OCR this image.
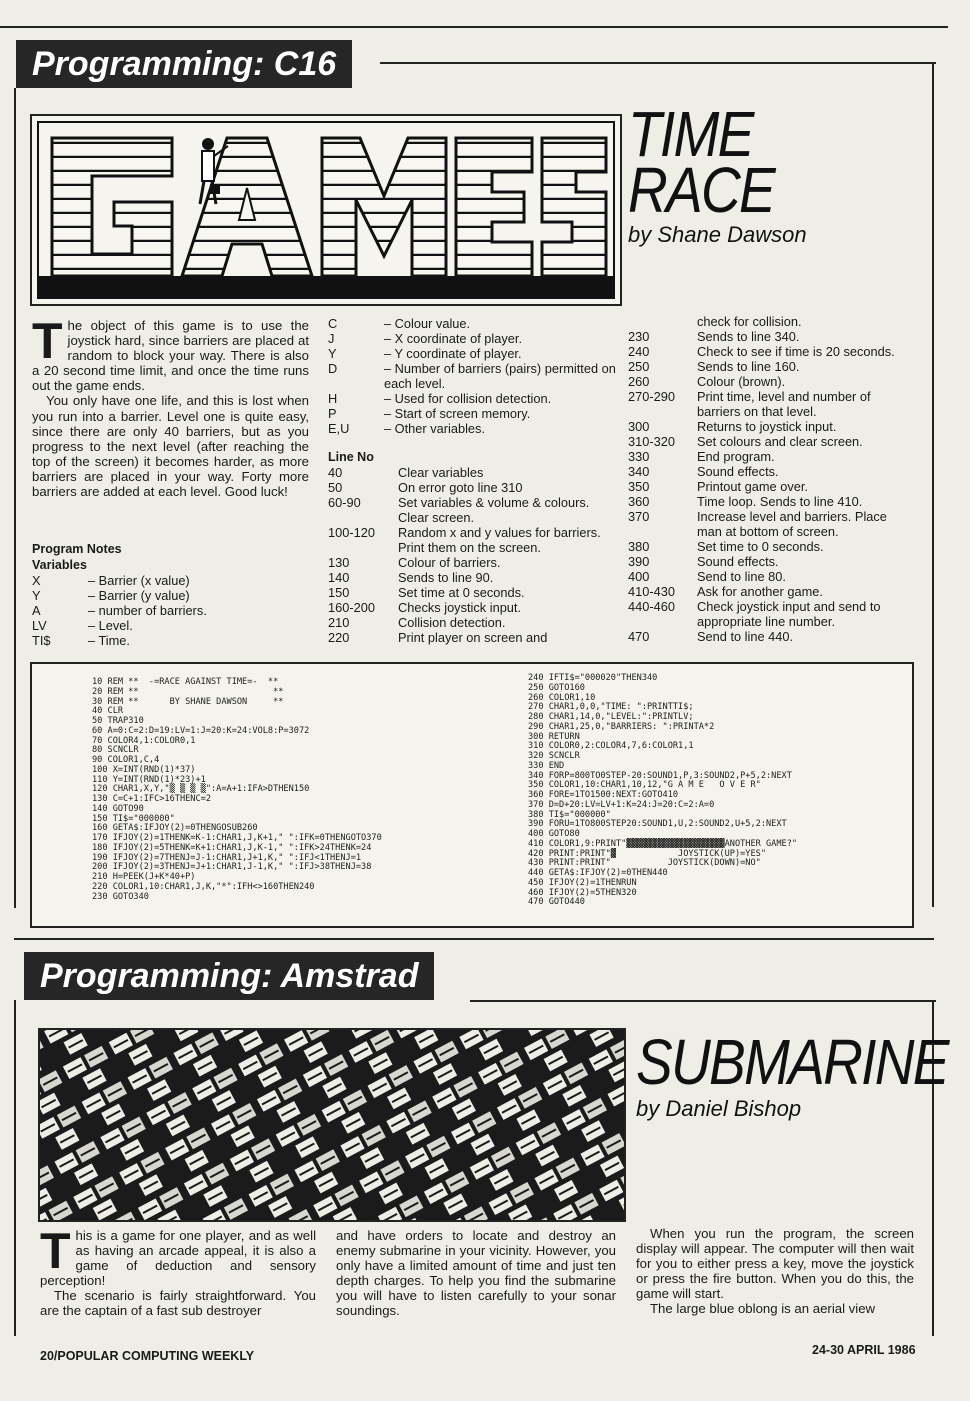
Programming: C16
TIME
RACE
by Shane Dawson

The object of this game is to use the joystick hard, since barriers are placed at random to block your way. There is also a 20 second time limit, and once the time runs out the game ends.

You only have one life, and this is lost when you run into a barrier. Level one is quite easy, since there are only 40 barriers, but as you progress to the next level (after reaching the top of the screen) it becomes harder, as more barriers are placed in your way. Forty more barriers are added at each level. Good luck!

Program Notes
Variables
X	– Barrier (x value)
Y	– Barrier (y value)
A	– number of barriers.
LV	– Level.
TI$	– Time.
C	– Colour value.
J	– X coordinate of player.
Y	– Y coordinate of player.
D	– Number of barriers (pairs) permitted on each level.
H	– Used for collision detection.
P	– Start of screen memory.
E,U	– Other variables.
Line No
40	Clear variables
50	On error goto line 310
60-90	Set variables & volume & colours. Clear screen.
100-120	Random x and y values for barriers. Print them on the screen.
130	Colour of barriers.
140	Sends to line 90.
150	Set time at 0 seconds.
160-200	Checks joystick input.
210	Collision detection.
220	Print player on screen and
	check for collision.
230	Sends to line 340.
240	Check to see if time is 20 seconds.
250	Sends to line 160.
260	Colour (brown).
270-290	Print time, level and number of barriers on that level.
300	Returns to joystick input.
310-320	Set colours and clear screen.
330	End program.
340	Sound effects.
350	Printout game over.
360	Time loop. Sends to line 410.
370	Increase level and barriers. Place man at bottom of screen.
380	Set time to 0 seconds.
390	Sound effects.
400	Send to line 80.
410-430	Ask for another game.
440-460	Check joystick input and send to appropriate line number.
470	Send to line 440.
10 REM **  -=RACE AGAINST TIME=-  **
20 REM **                          **
30 REM **      BY SHANE DAWSON     **
40 CLR
50 TRAP310
60 A=0:C=2:D=19:LV=1:J=20:K=24:VOL8:P=3072
70 COLOR4,1:COLOR0,1
80 SCNCLR
90 COLOR1,C,4
100 X=INT(RND(1)*37)
110 Y=INT(RND(1)*23)+1
120 CHAR1,X,Y,"▒ ▒ ▒ ▒":A=A+1:IFA>DTHEN150
130 C=C+1:IFC>16THENC=2
140 GOTO90
150 TI$="000000"
160 GETA$:IFJOY(2)=0THENGOSUB260
170 IFJOY(2)=1THENK=K-1:CHAR1,J,K+1," ":IFK=0THENGOTO370
180 IFJOY(2)=5THENK=K+1:CHAR1,J,K-1," ":IFK>24THENK=24
190 IFJOY(2)=7THENJ=J-1:CHAR1,J+1,K," ":IFJ<1THENJ=1
200 IFJOY(2)=3THENJ=J+1:CHAR1,J-1,K," ":IFJ>38THENJ=38
210 H=PEEK(J+K*40+P)
220 COLOR1,10:CHAR1,J,K,"*":IFH<>160THEN240
230 GOTO340
240 IFTI$="000020"THEN340
250 GOTO160
260 COLOR1,10
270 CHAR1,0,0,"TIME: ":PRINTTI$;
280 CHAR1,14,0,"LEVEL:":PRINTLV;
290 CHAR1,25,0,"BARRIERS: ":PRINTA*2
300 RETURN
310 COLOR0,2:COLOR4,7,6:COLOR1,1
320 SCNCLR
330 END
340 FORP=800TO0STEP-20:SOUND1,P,3:SOUND2,P+5,2:NEXT
350 COLOR1,10:CHAR1,10,12,"G A M E   O V E R"
360 FORE=1TO1500:NEXT:GOTO410
370 D=D+20:LV=LV+1:K=24:J=20:C=2:A=0
380 TI$="000000"
390 FORU=1TO800STEP20:SOUND1,U,2:SOUND2,U+5,2:NEXT
400 GOTO80
410 COLOR1,9:PRINT"▓▓▓▓▓▓▓▓▓▓▓▓▓▓▓▓▓▓▓ANOTHER GAME?"
420 PRINT:PRINT"▓            JOYSTICK(UP)=YES"
430 PRINT:PRINT"           JOYSTICK(DOWN)=NO"
440 GETA$:IFJOY(2)=0THEN440
450 IFJOY(2)=1THENRUN
460 IFJOY(2)=5THEN320
470 GOTO440
Programming: Amstrad
SUBMARINE
by Daniel Bishop

This is a game for one player, and as well as having an arcade appeal, it is also a game of deduction and sensory perception!

The scenario is fairly straightforward. You are the captain of a fast sub destroyer

and have orders to locate and destroy an enemy submarine in your vicinity. However, you only have a limited amount of time and just ten depth charges. To help you find the submarine you will have to listen carefully to your sonar soundings.

When you run the program, the screen display will appear. The computer will then wait for you to either press a key, move the joystick or press the fire button. When you do this, the game will start.

The large blue oblong is an aerial view

20/POPULAR COMPUTING WEEKLY	24-30 APRIL 1986
